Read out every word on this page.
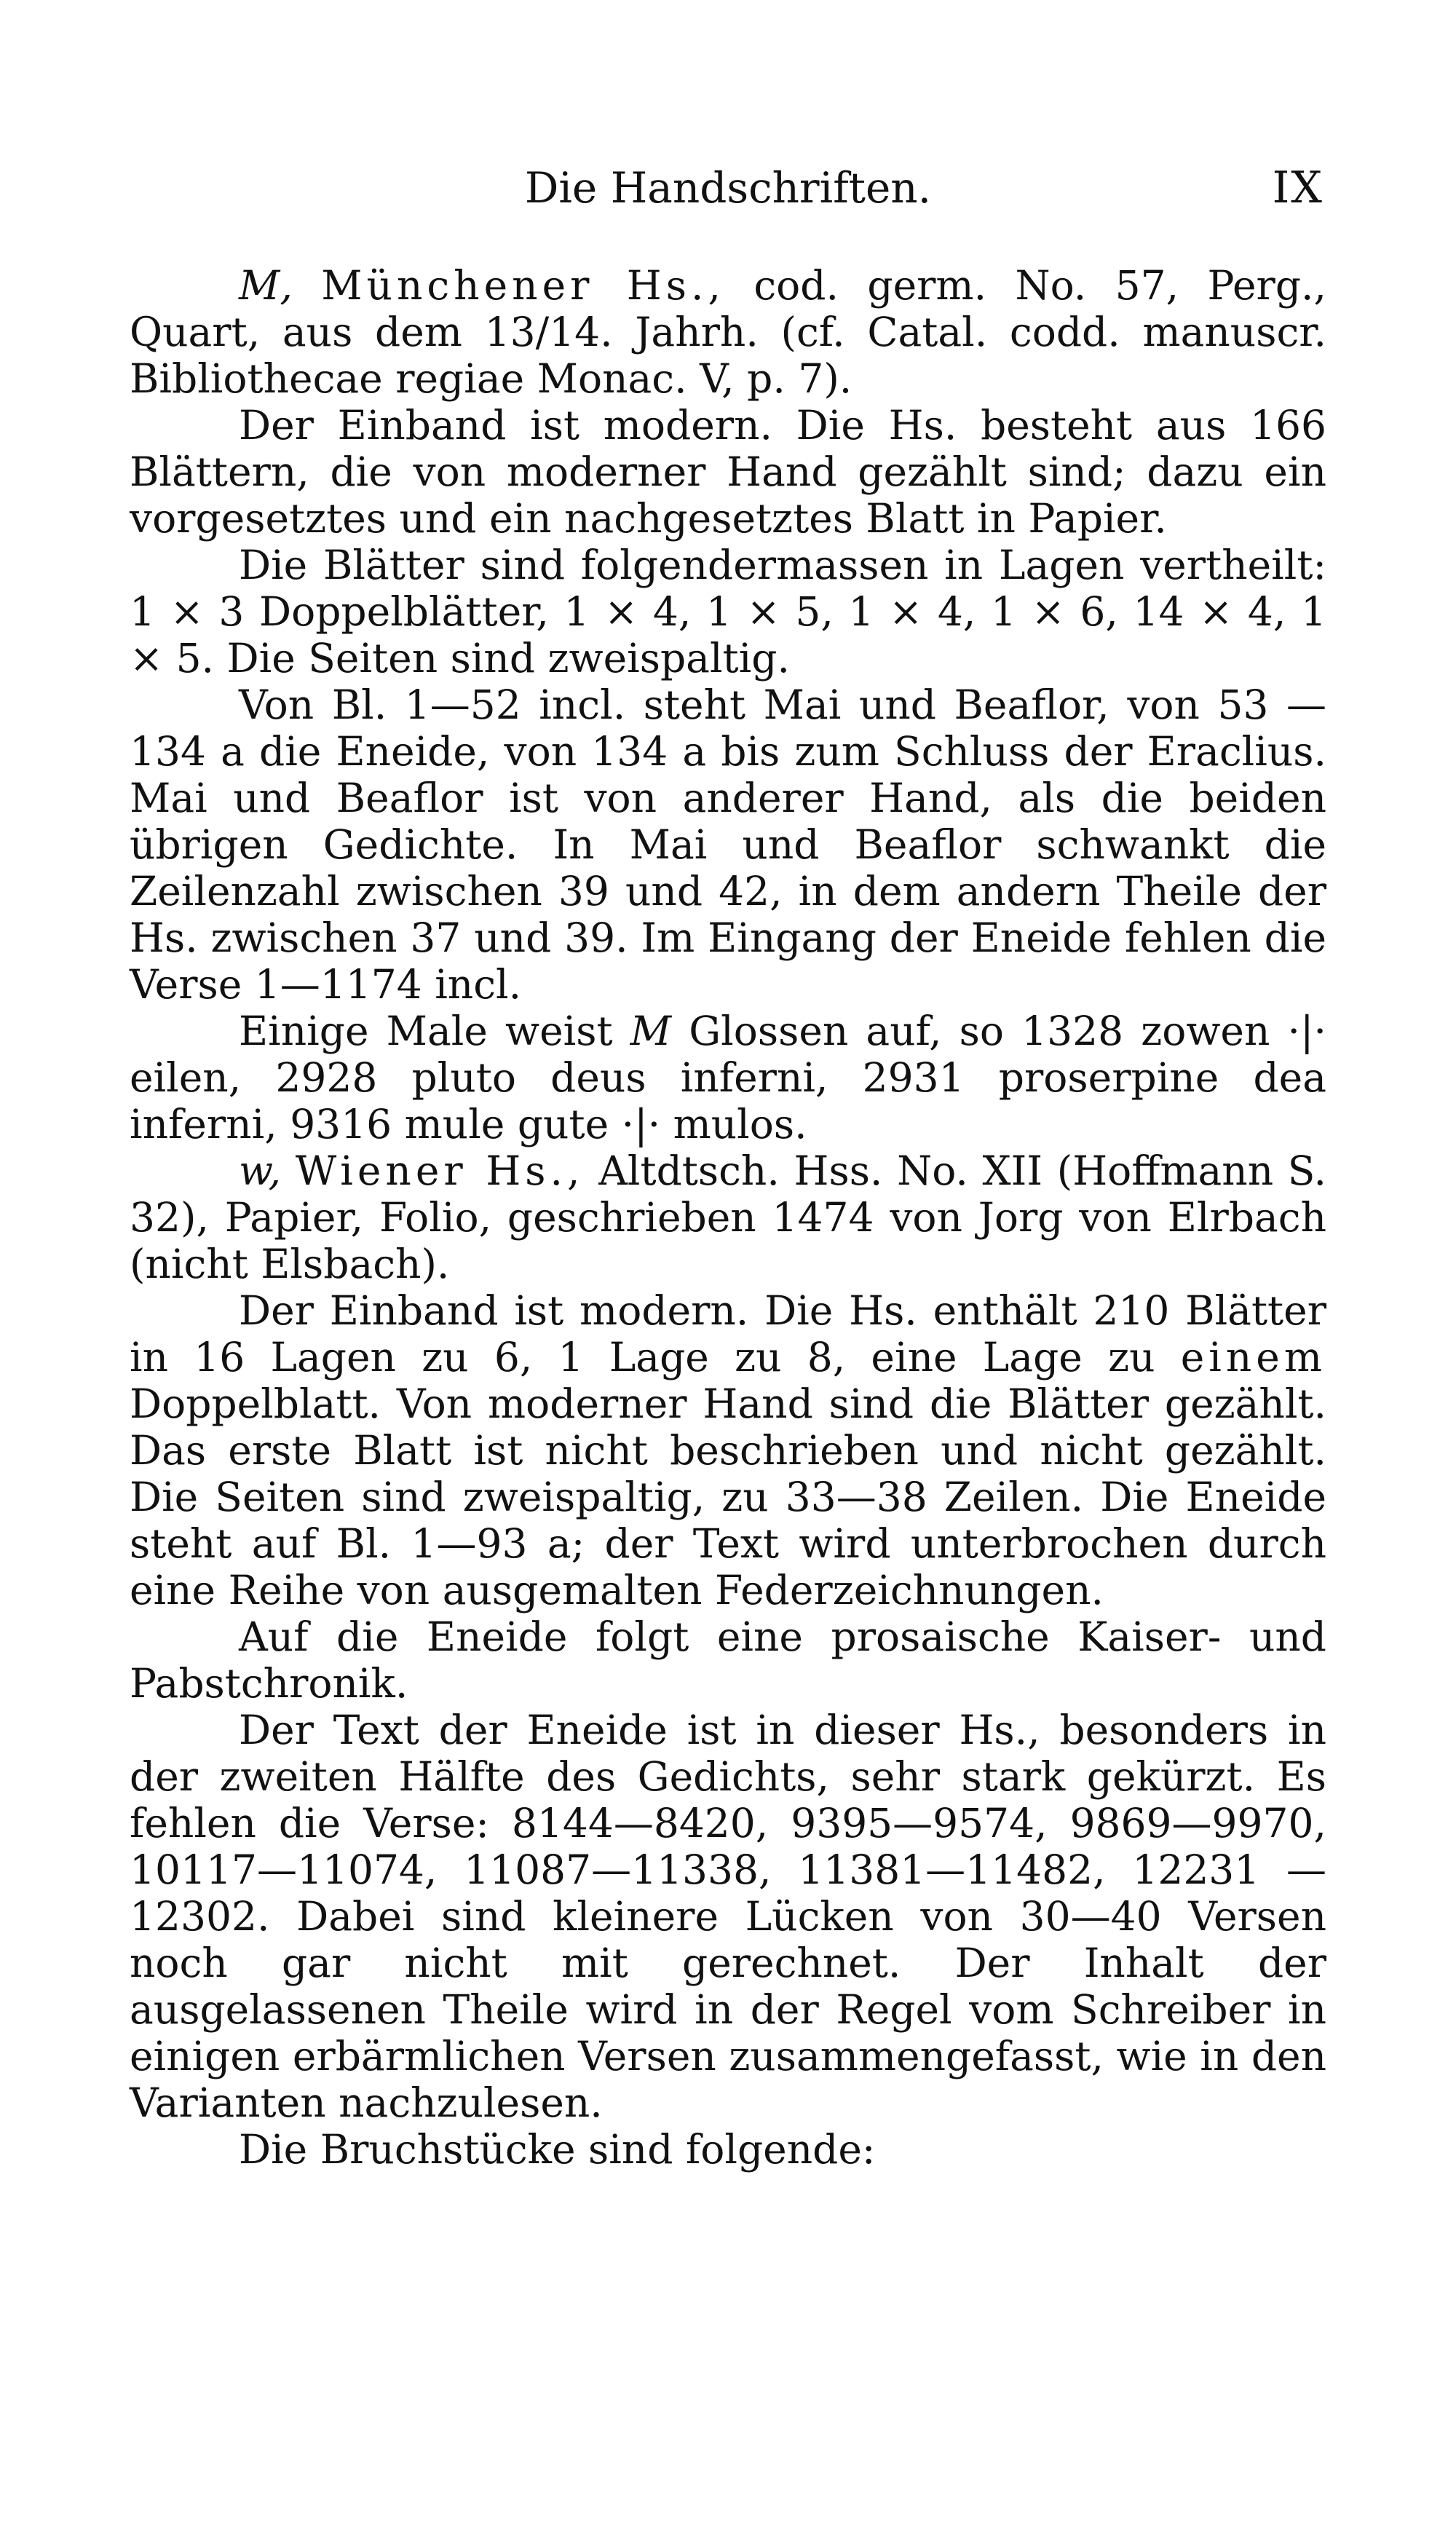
Die Handschriften.	IX

M, Münchener Hs., cod. germ. No. 57, Perg., Quart, aus dem 13/14. Jahrh. (cf. Catal. codd. manuscr. Bibliothecae regiae Monac. V, p. 7).

Der Einband ist modern. Die Hs. besteht aus 166 Blättern, die von moderner Hand gezählt sind; dazu ein vorgesetztes und ein nachgesetztes Blatt in Papier.

Die Blätter sind folgendermassen in Lagen vertheilt: 1 × 3 Doppelblätter, 1 × 4, 1 × 5, 1 × 4, 1 × 6, 14 × 4, 1 × 5. Die Seiten sind zweispaltig.

Von Bl. 1—52 incl. steht Mai und Beaflor, von 53 —134 a die Eneide, von 134 a bis zum Schluss der Eraclius. Mai und Beaflor ist von anderer Hand, als die beiden übrigen Gedichte. In Mai und Beaflor schwankt die Zeilenzahl zwischen 39 und 42, in dem andern Theile der Hs. zwischen 37 und 39. Im Eingang der Eneide fehlen die Verse 1—1174 incl.

Einige Male weist M Glossen auf, so 1328 zowen ·|· eilen, 2928 pluto deus inferni, 2931 proserpine dea inferni, 9316 mule gute ·|· mulos.

w, Wiener Hs., Altdtsch. Hss. No. XII (Hoffmann S. 32), Papier, Folio, geschrieben 1474 von Jorg von Elrbach (nicht Elsbach).

Der Einband ist modern. Die Hs. enthält 210 Blätter in 16 Lagen zu 6, 1 Lage zu 8, eine Lage zu einem Doppelblatt. Von moderner Hand sind die Blätter gezählt. Das erste Blatt ist nicht beschrieben und nicht gezählt. Die Seiten sind zweispaltig, zu 33—38 Zeilen. Die Eneide steht auf Bl. 1—93 a; der Text wird unterbrochen durch eine Reihe von ausgemalten Federzeichnungen.

Auf die Eneide folgt eine prosaische Kaiser- und Pabstchronik.

Der Text der Eneide ist in dieser Hs., besonders in der zweiten Hälfte des Gedichts, sehr stark gekürzt. Es fehlen die Verse: 8144—8420, 9395—9574, 9869—9970, 10117—11074, 11087—11338, 11381—11482, 12231 —12302. Dabei sind kleinere Lücken von 30—40 Versen noch gar nicht mit gerechnet. Der Inhalt der ausgelassenen Theile wird in der Regel vom Schreiber in einigen erbärmlichen Versen zusammengefasst, wie in den Varianten nachzulesen.

Die Bruchstücke sind folgende:
